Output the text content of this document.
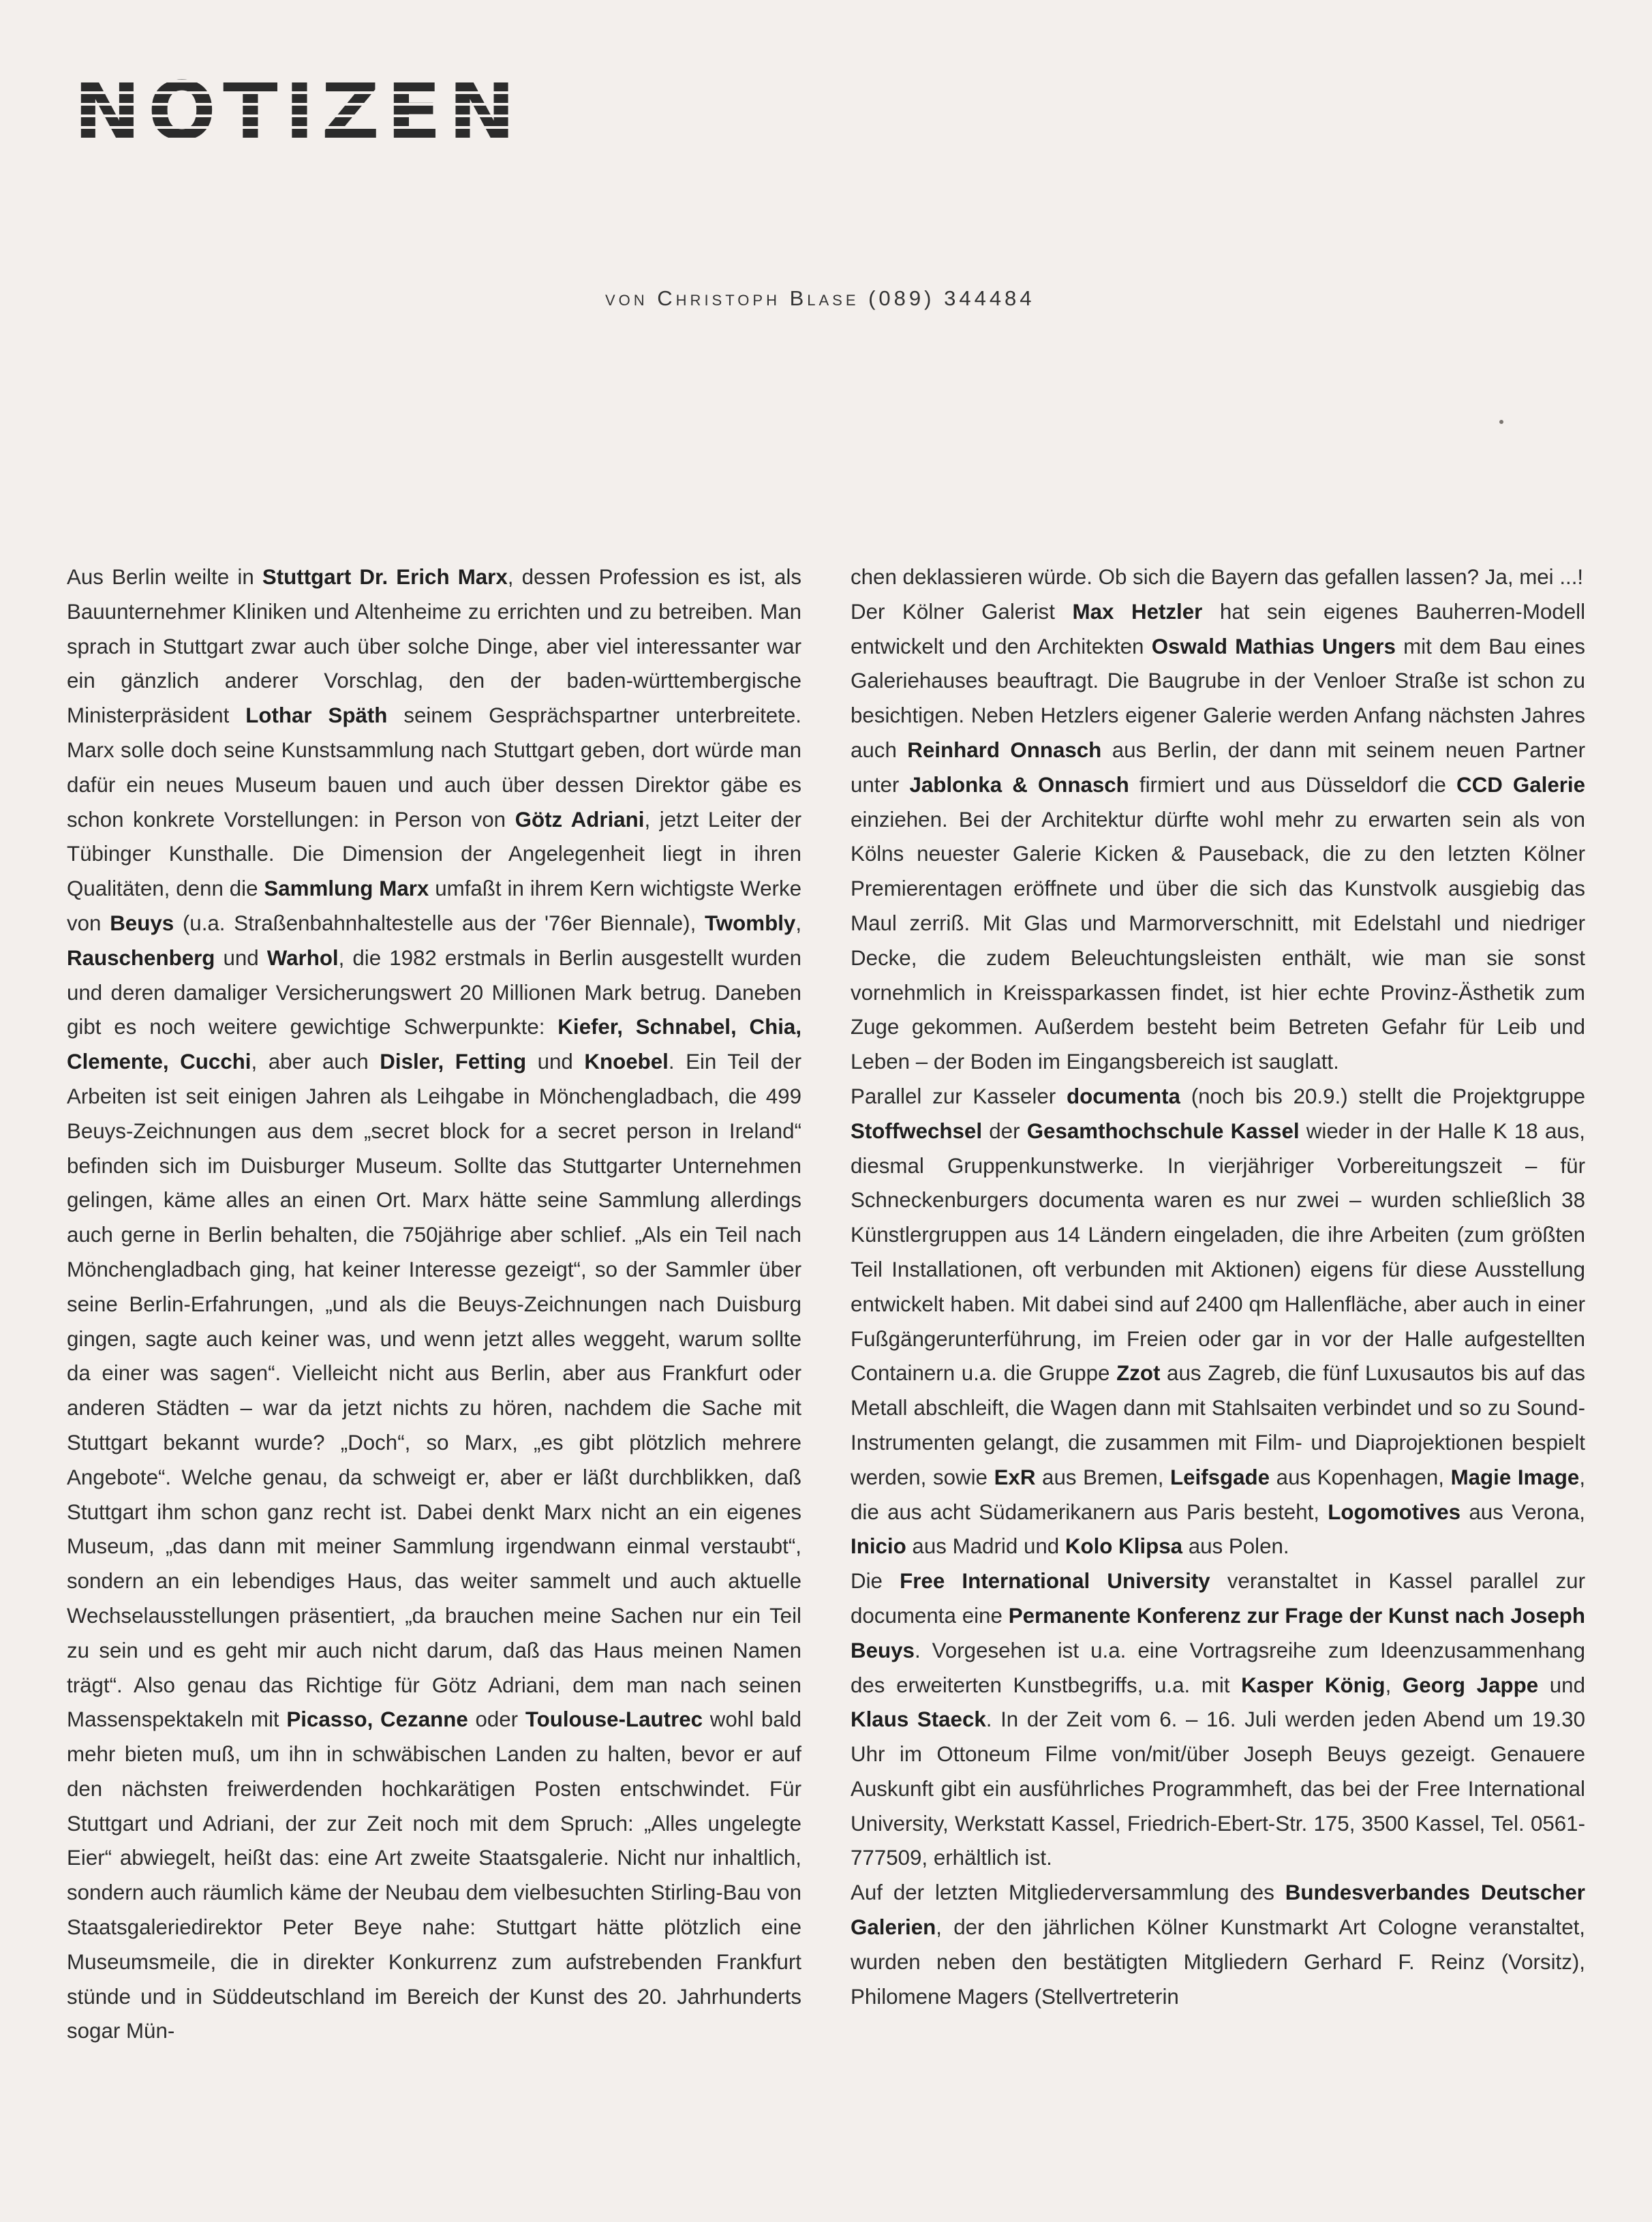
NOTIZEN
von Christoph Blase (089) 344484

Aus Berlin weilte in Stuttgart Dr. Erich Marx, dessen Profession es ist, als Bauunternehmer Kliniken und Altenheime zu errichten und zu betreiben. Man sprach in Stuttgart zwar auch über solche Dinge, aber viel interessanter war ein gänzlich anderer Vorschlag, den der baden-württembergische Ministerpräsident Lothar Späth seinem Gesprächspartner unterbreitete. Marx solle doch seine Kunstsammlung nach Stuttgart geben, dort würde man dafür ein neues Museum bauen und auch über dessen Direktor gäbe es schon konkrete Vorstellungen: in Person von Götz Adriani, jetzt Leiter der Tübinger Kunsthalle. Die Dimension der Angelegenheit liegt in ihren Qualitäten, denn die Sammlung Marx umfaßt in ihrem Kern wichtigste Werke von Beuys (u.a. Straßenbahnhaltestelle aus der '76er Biennale), Twombly, Rauschenberg und Warhol, die 1982 erstmals in Berlin ausgestellt wurden und deren damaliger Versicherungswert 20 Millionen Mark betrug. Daneben gibt es noch weitere gewichtige Schwerpunkte: Kiefer, Schnabel, Chia, Clemente, Cucchi, aber auch Disler, Fetting und Knoebel. Ein Teil der Arbeiten ist seit einigen Jahren als Leihgabe in Mönchengladbach, die 499 Beuys-Zeichnungen aus dem „secret block for a secret person in Ireland“ befinden sich im Duisburger Museum. Sollte das Stuttgarter Unternehmen gelingen, käme alles an einen Ort. Marx hätte seine Sammlung allerdings auch gerne in Berlin behalten, die 750jährige aber schlief. „Als ein Teil nach Mönchengladbach ging, hat keiner Interesse gezeigt“, so der Sammler über seine Berlin-Erfahrungen, „und als die Beuys-Zeichnungen nach Duisburg gingen, sagte auch keiner was, und wenn jetzt alles weggeht, warum sollte da einer was sagen“. Vielleicht nicht aus Berlin, aber aus Frankfurt oder anderen Städten – war da jetzt nichts zu hören, nachdem die Sache mit Stuttgart bekannt wurde? „Doch“, so Marx, „es gibt plötzlich mehrere Angebote“. Welche genau, da schweigt er, aber er läßt durchblikken, daß Stuttgart ihm schon ganz recht ist. Dabei denkt Marx nicht an ein eigenes Museum, „das dann mit meiner Sammlung irgendwann einmal verstaubt“, sondern an ein lebendiges Haus, das weiter sammelt und auch aktuelle Wechselausstellungen präsentiert, „da brauchen meine Sachen nur ein Teil zu sein und es geht mir auch nicht darum, daß das Haus meinen Namen trägt“. Also genau das Richtige für Götz Adriani, dem man nach seinen Massenspektakeln mit Picasso, Cezanne oder Toulouse-Lautrec wohl bald mehr bieten muß, um ihn in schwäbischen Landen zu halten, bevor er auf den nächsten freiwerdenden hochkarätigen Posten entschwindet. Für Stuttgart und Adriani, der zur Zeit noch mit dem Spruch: „Alles ungelegte Eier“ abwiegelt, heißt das: eine Art zweite Staatsgalerie. Nicht nur inhaltlich, sondern auch räumlich käme der Neubau dem vielbesuchten Stirling-Bau von Staatsgaleriedirektor Peter Beye nahe: Stuttgart hätte plötzlich eine Museumsmeile, die in direkter Konkurrenz zum aufstrebenden Frankfurt stünde und in Süddeutschland im Bereich der Kunst des 20. Jahrhunderts sogar Mün-

chen deklassieren würde. Ob sich die Bayern das gefallen lassen? Ja, mei ...!

Der Kölner Galerist Max Hetzler hat sein eigenes Bauherren-Modell entwickelt und den Architekten Oswald Mathias Ungers mit dem Bau eines Galeriehauses beauftragt. Die Baugrube in der Venloer Straße ist schon zu besichtigen. Neben Hetzlers eigener Galerie werden Anfang nächsten Jahres auch Reinhard Onnasch aus Berlin, der dann mit seinem neuen Partner unter Jablonka & Onnasch firmiert und aus Düsseldorf die CCD Galerie einziehen. Bei der Architektur dürfte wohl mehr zu erwarten sein als von Kölns neuester Galerie Kicken & Pauseback, die zu den letzten Kölner Premierentagen eröffnete und über die sich das Kunstvolk ausgiebig das Maul zerriß. Mit Glas und Marmorverschnitt, mit Edelstahl und niedriger Decke, die zudem Beleuchtungsleisten enthält, wie man sie sonst vornehmlich in Kreissparkassen findet, ist hier echte Provinz-Ästhetik zum Zuge gekommen. Außerdem besteht beim Betreten Gefahr für Leib und Leben – der Boden im Eingangsbereich ist sauglatt.

Parallel zur Kasseler documenta (noch bis 20.9.) stellt die Projektgruppe Stoffwechsel der Gesamthochschule Kassel wieder in der Halle K 18 aus, diesmal Gruppenkunstwerke. In vierjähriger Vorbereitungszeit – für Schneckenburgers documenta waren es nur zwei – wurden schließlich 38 Künstlergruppen aus 14 Ländern eingeladen, die ihre Arbeiten (zum größten Teil Installationen, oft verbunden mit Aktionen) eigens für diese Ausstellung entwickelt haben. Mit dabei sind auf 2400 qm Hallenfläche, aber auch in einer Fußgängerunterführung, im Freien oder gar in vor der Halle aufgestellten Containern u.a. die Gruppe Zzot aus Zagreb, die fünf Luxusautos bis auf das Metall abschleift, die Wagen dann mit Stahlsaiten verbindet und so zu Sound-Instrumenten gelangt, die zusammen mit Film- und Diaprojektionen bespielt werden, sowie ExR aus Bremen, Leifsgade aus Kopenhagen, Magie Image, die aus acht Südamerikanern aus Paris besteht, Logomotives aus Verona, Inicio aus Madrid und Kolo Klipsa aus Polen.

Die Free International University veranstaltet in Kassel parallel zur documenta eine Permanente Konferenz zur Frage der Kunst nach Joseph Beuys. Vorgesehen ist u.a. eine Vortragsreihe zum Ideenzusammenhang des erweiterten Kunstbegriffs, u.a. mit Kasper König, Georg Jappe und Klaus Staeck. In der Zeit vom 6. – 16. Juli werden jeden Abend um 19.30 Uhr im Ottoneum Filme von/mit/über Joseph Beuys gezeigt. Genauere Auskunft gibt ein ausführliches Programmheft, das bei der Free International University, Werkstatt Kassel, Friedrich-Ebert-Str. 175, 3500 Kassel, Tel. 0561-777509, erhältlich ist.

Auf der letzten Mitgliederversammlung des Bundesverbandes Deutscher Galerien, der den jährlichen Kölner Kunstmarkt Art Cologne veranstaltet, wurden neben den bestätigten Mitgliedern Gerhard F. Reinz (Vorsitz), Philomene Magers (Stellvertreterin
